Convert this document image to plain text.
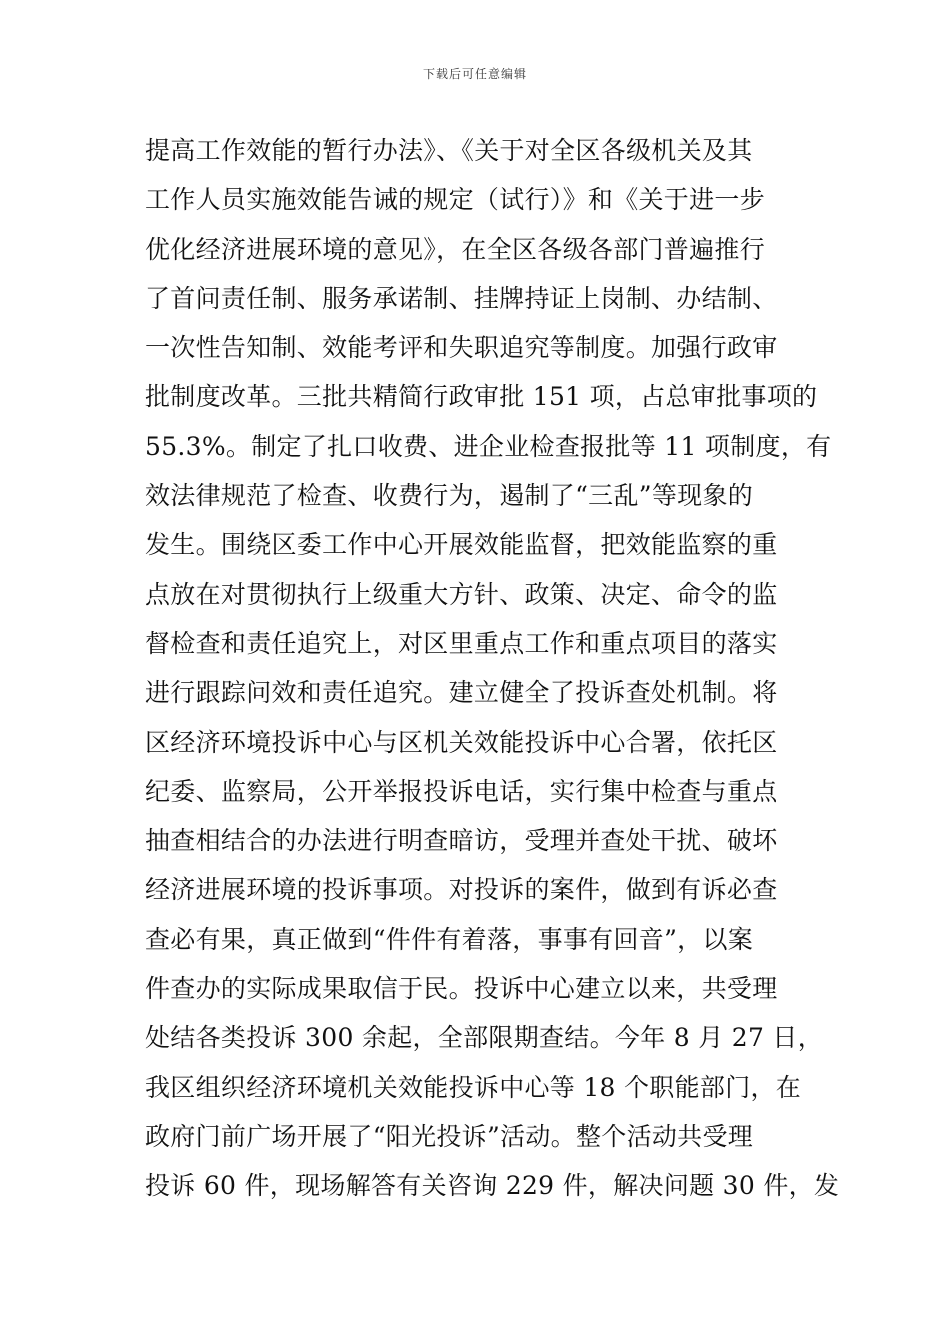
下载后可任意编辑
提高工作效能的暂行办法》、《关于对全区各级机关及其
工作人员实施效能告诫的规定（试行）》和《关于进一步
优化经济进展环境的意见》，在全区各级各部门普遍推行
了首问责任制、服务承诺制、挂牌持证上岗制、办结制、
一次性告知制、效能考评和失职追究等制度。加强行政审
批制度改革。三批共精简行政审批 151 项，占总审批事项的
55.3%。制定了扎口收费、进企业检查报批等 11 项制度，有
效法律规范了检查、收费行为，遏制了“三乱”等现象的
发生。围绕区委工作中心开展效能监督，把效能监察的重
点放在对贯彻执行上级重大方针、政策、决定、命令的监
督检查和责任追究上，对区里重点工作和重点项目的落实
进行跟踪问效和责任追究。建立健全了投诉查处机制。将
区经济环境投诉中心与区机关效能投诉中心合署，依托区
纪委、监察局，公开举报投诉电话，实行集中检查与重点
抽查相结合的办法进行明查暗访，受理并查处干扰、破坏
经济进展环境的投诉事项。对投诉的案件，做到有诉必查
查必有果，真正做到“件件有着落，事事有回音”，以案
件查办的实际成果取信于民。投诉中心建立以来，共受理
处结各类投诉 300 余起，全部限期查结。今年 8 月 27 日，
我区组织经济环境机关效能投诉中心等 18 个职能部门，在
政府门前广场开展了“阳光投诉”活动。整个活动共受理
投诉 60 件，现场解答有关咨询 229 件，解决问题 30 件，发
